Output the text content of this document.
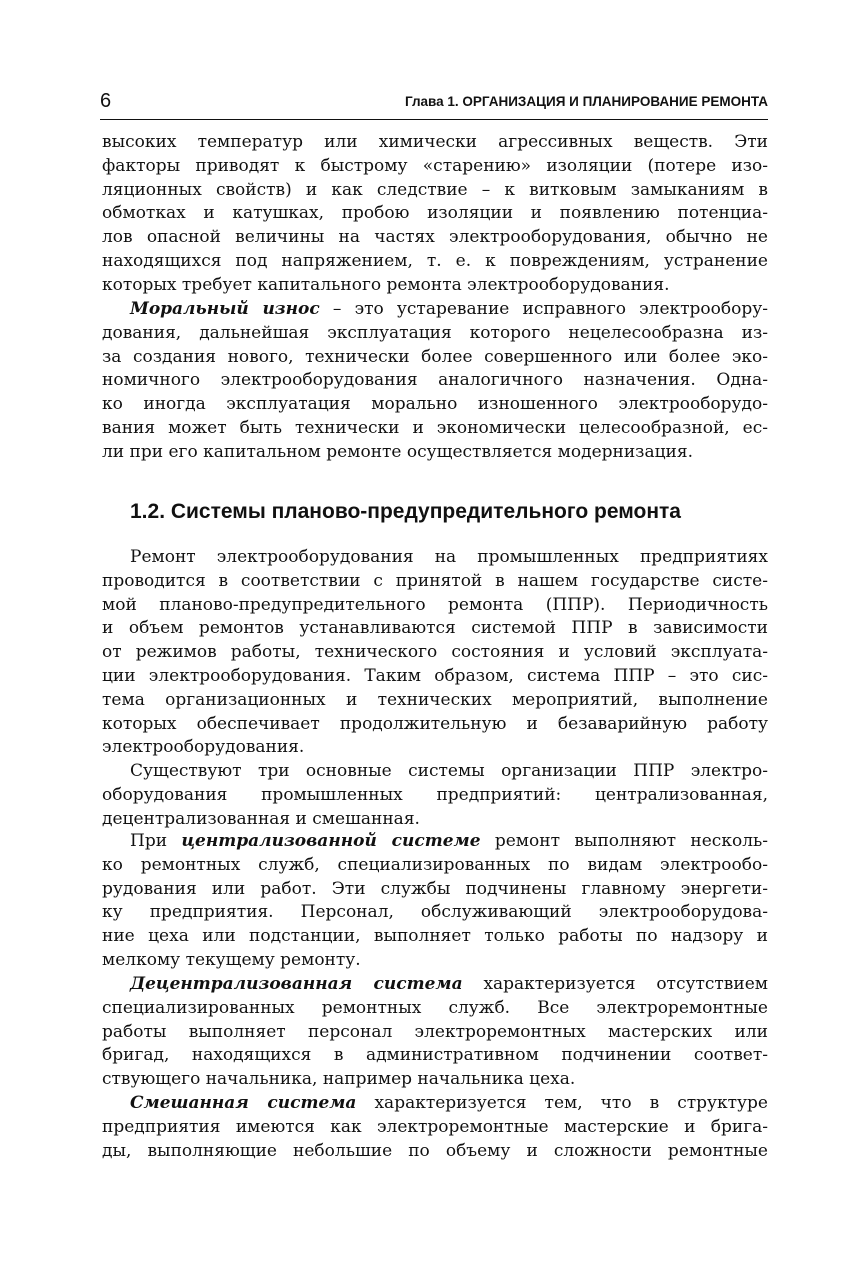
6	Глава 1. ОРГАНИЗАЦИЯ И ПЛАНИРОВАНИЕ РЕМОНТА
высоких температур или химически агрессивных веществ. Эти
факторы приводят к быстрому «старению» изоляции (потере изо-
ляционных свойств) и как следствие – к витковым замыканиям в
обмотках и катушках, пробою изоляции и появлению потенциа-
лов опасной величины на частях электрооборудования, обычно не
находящихся под напряжением, т. е. к повреждениям, устранение
которых требует капитального ремонта электрооборудования.
Моральный износ – это устаревание исправного электрообору-
дования, дальнейшая эксплуатация которого нецелесообразна из-
за создания нового, технически более совершенного или более эко-
номичного электрооборудования аналогичного назначения. Одна-
ко иногда эксплуатация морально изношенного электрооборудо-
вания может быть технически и экономически целесообразной, ес-
ли при его капитальном ремонте осуществляется модернизация.
1.2. Системы планово-предупредительного ремонта
Ремонт электрооборудования на промышленных предприятиях
проводится в соответствии с принятой в нашем государстве систе-
мой планово-предупредительного ремонта (ППР). Периодичность
и объем ремонтов устанавливаются системой ППР в зависимости
от режимов работы, технического состояния и условий эксплуата-
ции электрооборудования. Таким образом, система ППР – это сис-
тема организационных и технических мероприятий, выполнение
которых обеспечивает продолжительную и безаварийную работу
электрооборудования.
Существуют три основные системы организации ППР электро-
оборудования промышленных предприятий: централизованная,
децентрализованная и смешанная.
При централизованной системе ремонт выполняют несколь-
ко ремонтных служб, специализированных по видам электрообо-
рудования или работ. Эти службы подчинены главному энергети-
ку предприятия. Персонал, обслуживающий электрооборудова-
ние цеха или подстанции, выполняет только работы по надзору и
мелкому текущему ремонту.
Децентрализованная система характеризуется отсутствием
специализированных ремонтных служб. Все электроремонтные
работы выполняет персонал электроремонтных мастерских или
бригад, находящихся в административном подчинении соответ-
ствующего начальника, например начальника цеха.
Смешанная система характеризуется тем, что в структуре
предприятия имеются как электроремонтные мастерские и брига-
ды, выполняющие небольшие по объему и сложности ремонтные
